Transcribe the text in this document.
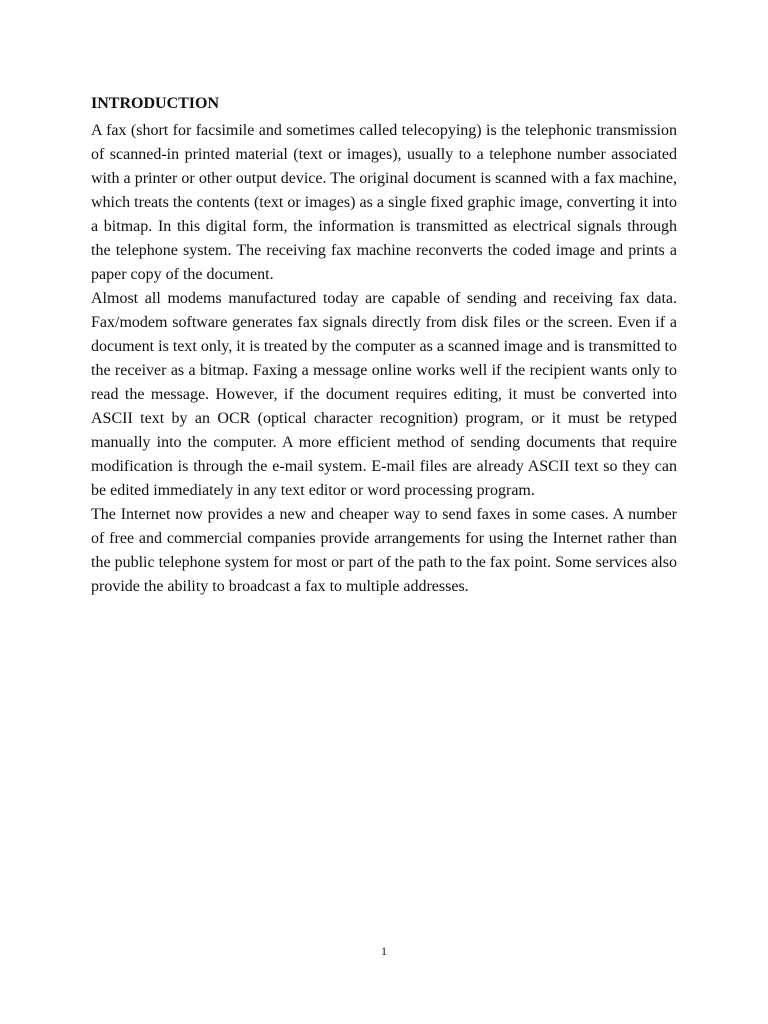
INTRODUCTION

A fax (short for facsimile and sometimes called telecopying) is the telephonic transmission of scanned-in printed material (text or images), usually to a telephone number associated with a printer or other output device. The original document is scanned with a fax machine, which treats the contents (text or images) as a single fixed graphic image, converting it into a bitmap. In this digital form, the information is transmitted as electrical signals through the telephone system. The receiving fax machine reconverts the coded image and prints a paper copy of the document.

Almost all modems manufactured today are capable of sending and receiving fax data. Fax/modem software generates fax signals directly from disk files or the screen. Even if a document is text only, it is treated by the computer as a scanned image and is transmitted to the receiver as a bitmap. Faxing a message online works well if the recipient wants only to read the message. However, if the document requires editing, it must be converted into ASCII text by an OCR (optical character recognition) program, or it must be retyped manually into the computer. A more efficient method of sending documents that require modification is through the e-mail system. E-mail files are already ASCII text so they can be edited immediately in any text editor or word processing program.

The Internet now provides a new and cheaper way to send faxes in some cases. A number of free and commercial companies provide arrangements for using the Internet rather than the public telephone system for most or part of the path to the fax point. Some services also provide the ability to broadcast a fax to multiple addresses.

1
